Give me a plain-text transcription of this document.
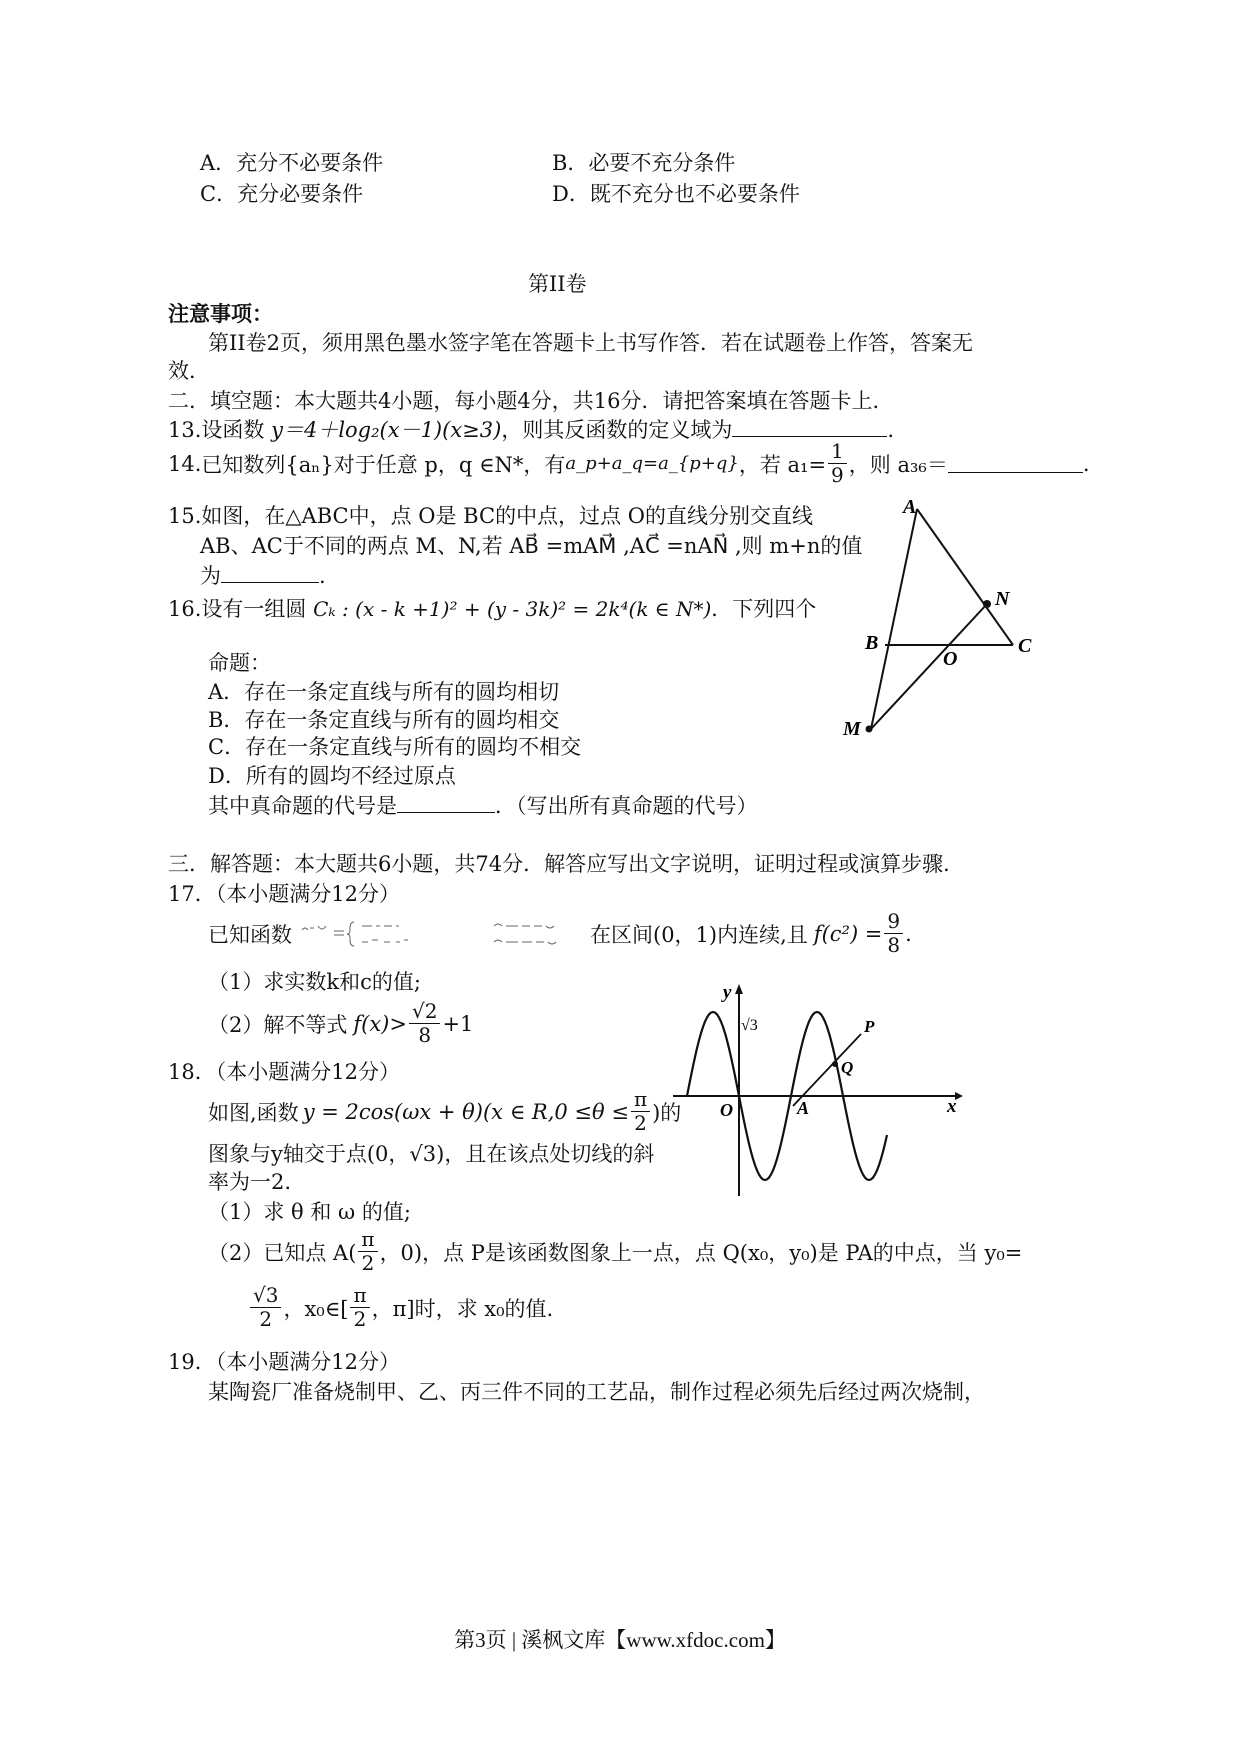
A．充分不必要条件	B．必要不充分条件
C．充分必要条件	D．既不充分也不必要条件
第II卷
注意事项：
第II卷2页，须用黑色墨水签字笔在答题卡上书写作答．若在试题卷上作答，答案无
效．
二．填空题：本大题共4小题，每小题4分，共16分．请把答案填在答题卡上．
13.设函数 y＝4＋log₂(x－1)(x≥3)，则其反函数的定义域为	.
14. 已知数列{aₙ}对于任意 p，q ∈N*，有 a_p+a_q=a_{p+q} ，若 $a_1= \frac{1}{9}$ ，则 a₃₆＝	.
15.如图，在△ABC中，点 O是 BC的中点，过点 O的直线分别交直线
AB、AC于不同的两点 M、N,若 AB⃗ =mAM⃗ ,AC⃗ =nAN⃗ ,则 m+n的值
为	.
16.设有一组圆 Cₖ : (x - k +1)² + (y - 3k)² = 2k⁴(k ∈ N*)．下列四个
命题：
A．存在一条定直线与所有的圆均相切
B．存在一条定直线与所有的圆均相交
C．存在一条定直线与所有的圆均不相交
D．所有的圆均不经过原点
其中真命题的代号是	．（写出所有真命题的代号）
A
B	C
N
O
M
三．解答题：本大题共6小题，共74分．解答应写出文字说明，证明过程或演算步骤．
17．（本小题满分12分）
已知函数	在区间(0，1)内连续,且 $f(c^2) = \frac{9}{8}$ .
（1）求实数k和c的值;
（2）解不等式 $f(x)> \frac{√2}{8} +1$
y
x
O	A
P
Q
√3
18．（本小题满分12分）
如图,函数 y = 2cos(ωx + θ)(x ∈ $R,0 \le\theta \le \frac{\pi}{2}$ )的
图象与y轴交于点(0，√3)，且在该点处切线的斜
率为一2.
（1）求 θ 和 ω 的值;
（2）已知点 $A( \frac{\pi}{2}$ ，0)，点 P是该函数图象上一点，点 Q(x₀，y₀)是 PA的中点，当 y₀=
$\frac{√3}{2}$ ，x₀∈[ $\frac{\pi}{2}$ ，π]时，求 x₀的值.
19．（本小题满分12分）
某陶瓷厂准备烧制甲、乙、丙三件不同的工艺品，制作过程必须先后经过两次烧制，
第3页 | 溪枫文库【www.xfdoc.com】
